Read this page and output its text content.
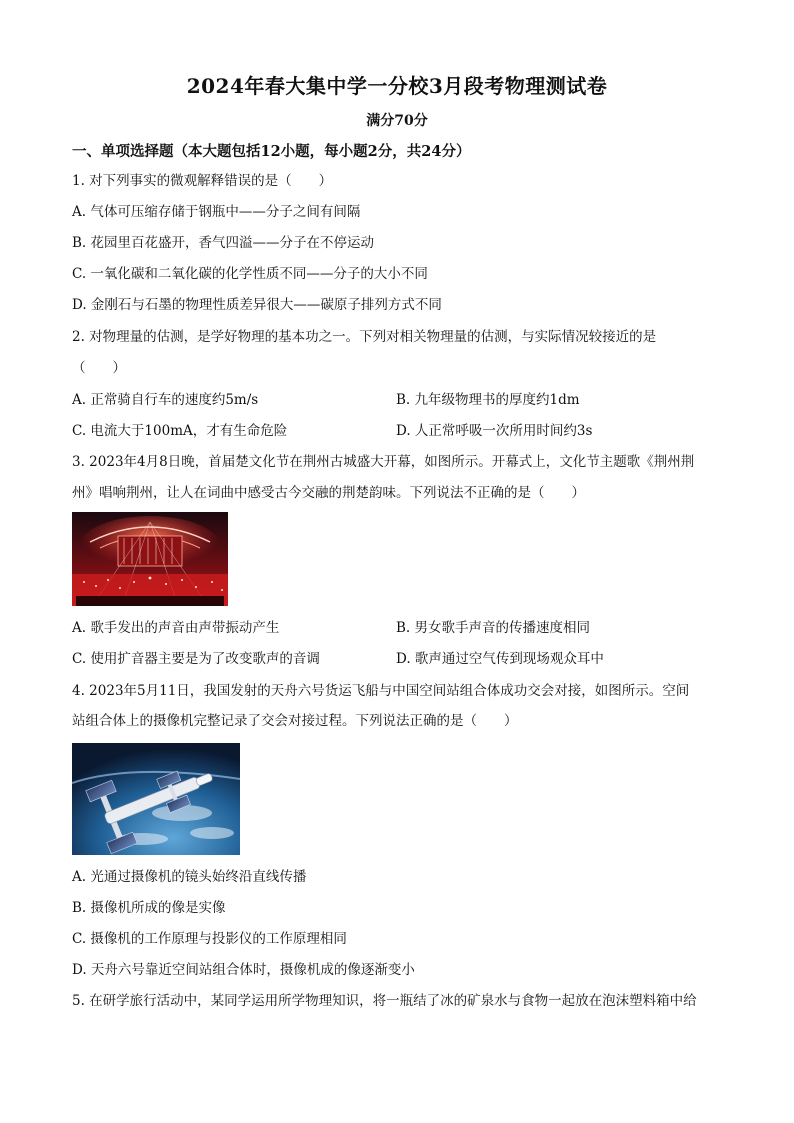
2024年春大集中学一分校3月段考物理测试卷
满分70分
一、单项选择题（本大题包括12小题，每小题2分，共24分）
1. 对下列事实的微观解释错误的是（　　）
A. 气体可压缩存储于钢瓶中——分子之间有间隔
B. 花园里百花盛开，香气四溢——分子在不停运动
C. 一氧化碳和二氧化碳的化学性质不同——分子的大小不同
D. 金刚石与石墨的物理性质差异很大——碳原子排列方式不同
2. 对物理量的估测，是学好物理的基本功之一。下列对相关物理量的估测，与实际情况较接近的是
（　　）
A. 正常骑自行车的速度约5m/s	B. 九年级物理书的厚度约1dm
C. 电流大于100mA，才有生命危险	D. 人正常呼吸一次所用时间约3s
3. 2023年4月8日晚，首届楚文化节在荆州古城盛大开幕，如图所示。开幕式上，文化节主题歌《荆州荆
州》唱响荆州，让人在词曲中感受古今交融的荆楚韵味。下列说法不正确的是（　　）
A. 歌手发出的声音由声带振动产生	B. 男女歌手声音的传播速度相同
C. 使用扩音器主要是为了改变歌声的音调	D. 歌声通过空气传到现场观众耳中
4. 2023年5月11日，我国发射的天舟六号货运飞船与中国空间站组合体成功交会对接，如图所示。空间
站组合体上的摄像机完整记录了交会对接过程。下列说法正确的是（　　）
A. 光通过摄像机的镜头始终沿直线传播
B. 摄像机所成的像是实像
C. 摄像机的工作原理与投影仪的工作原理相同
D. 天舟六号靠近空间站组合体时，摄像机成的像逐渐变小
5. 在研学旅行活动中，某同学运用所学物理知识，将一瓶结了冰的矿泉水与食物一起放在泡沫塑料箱中给
